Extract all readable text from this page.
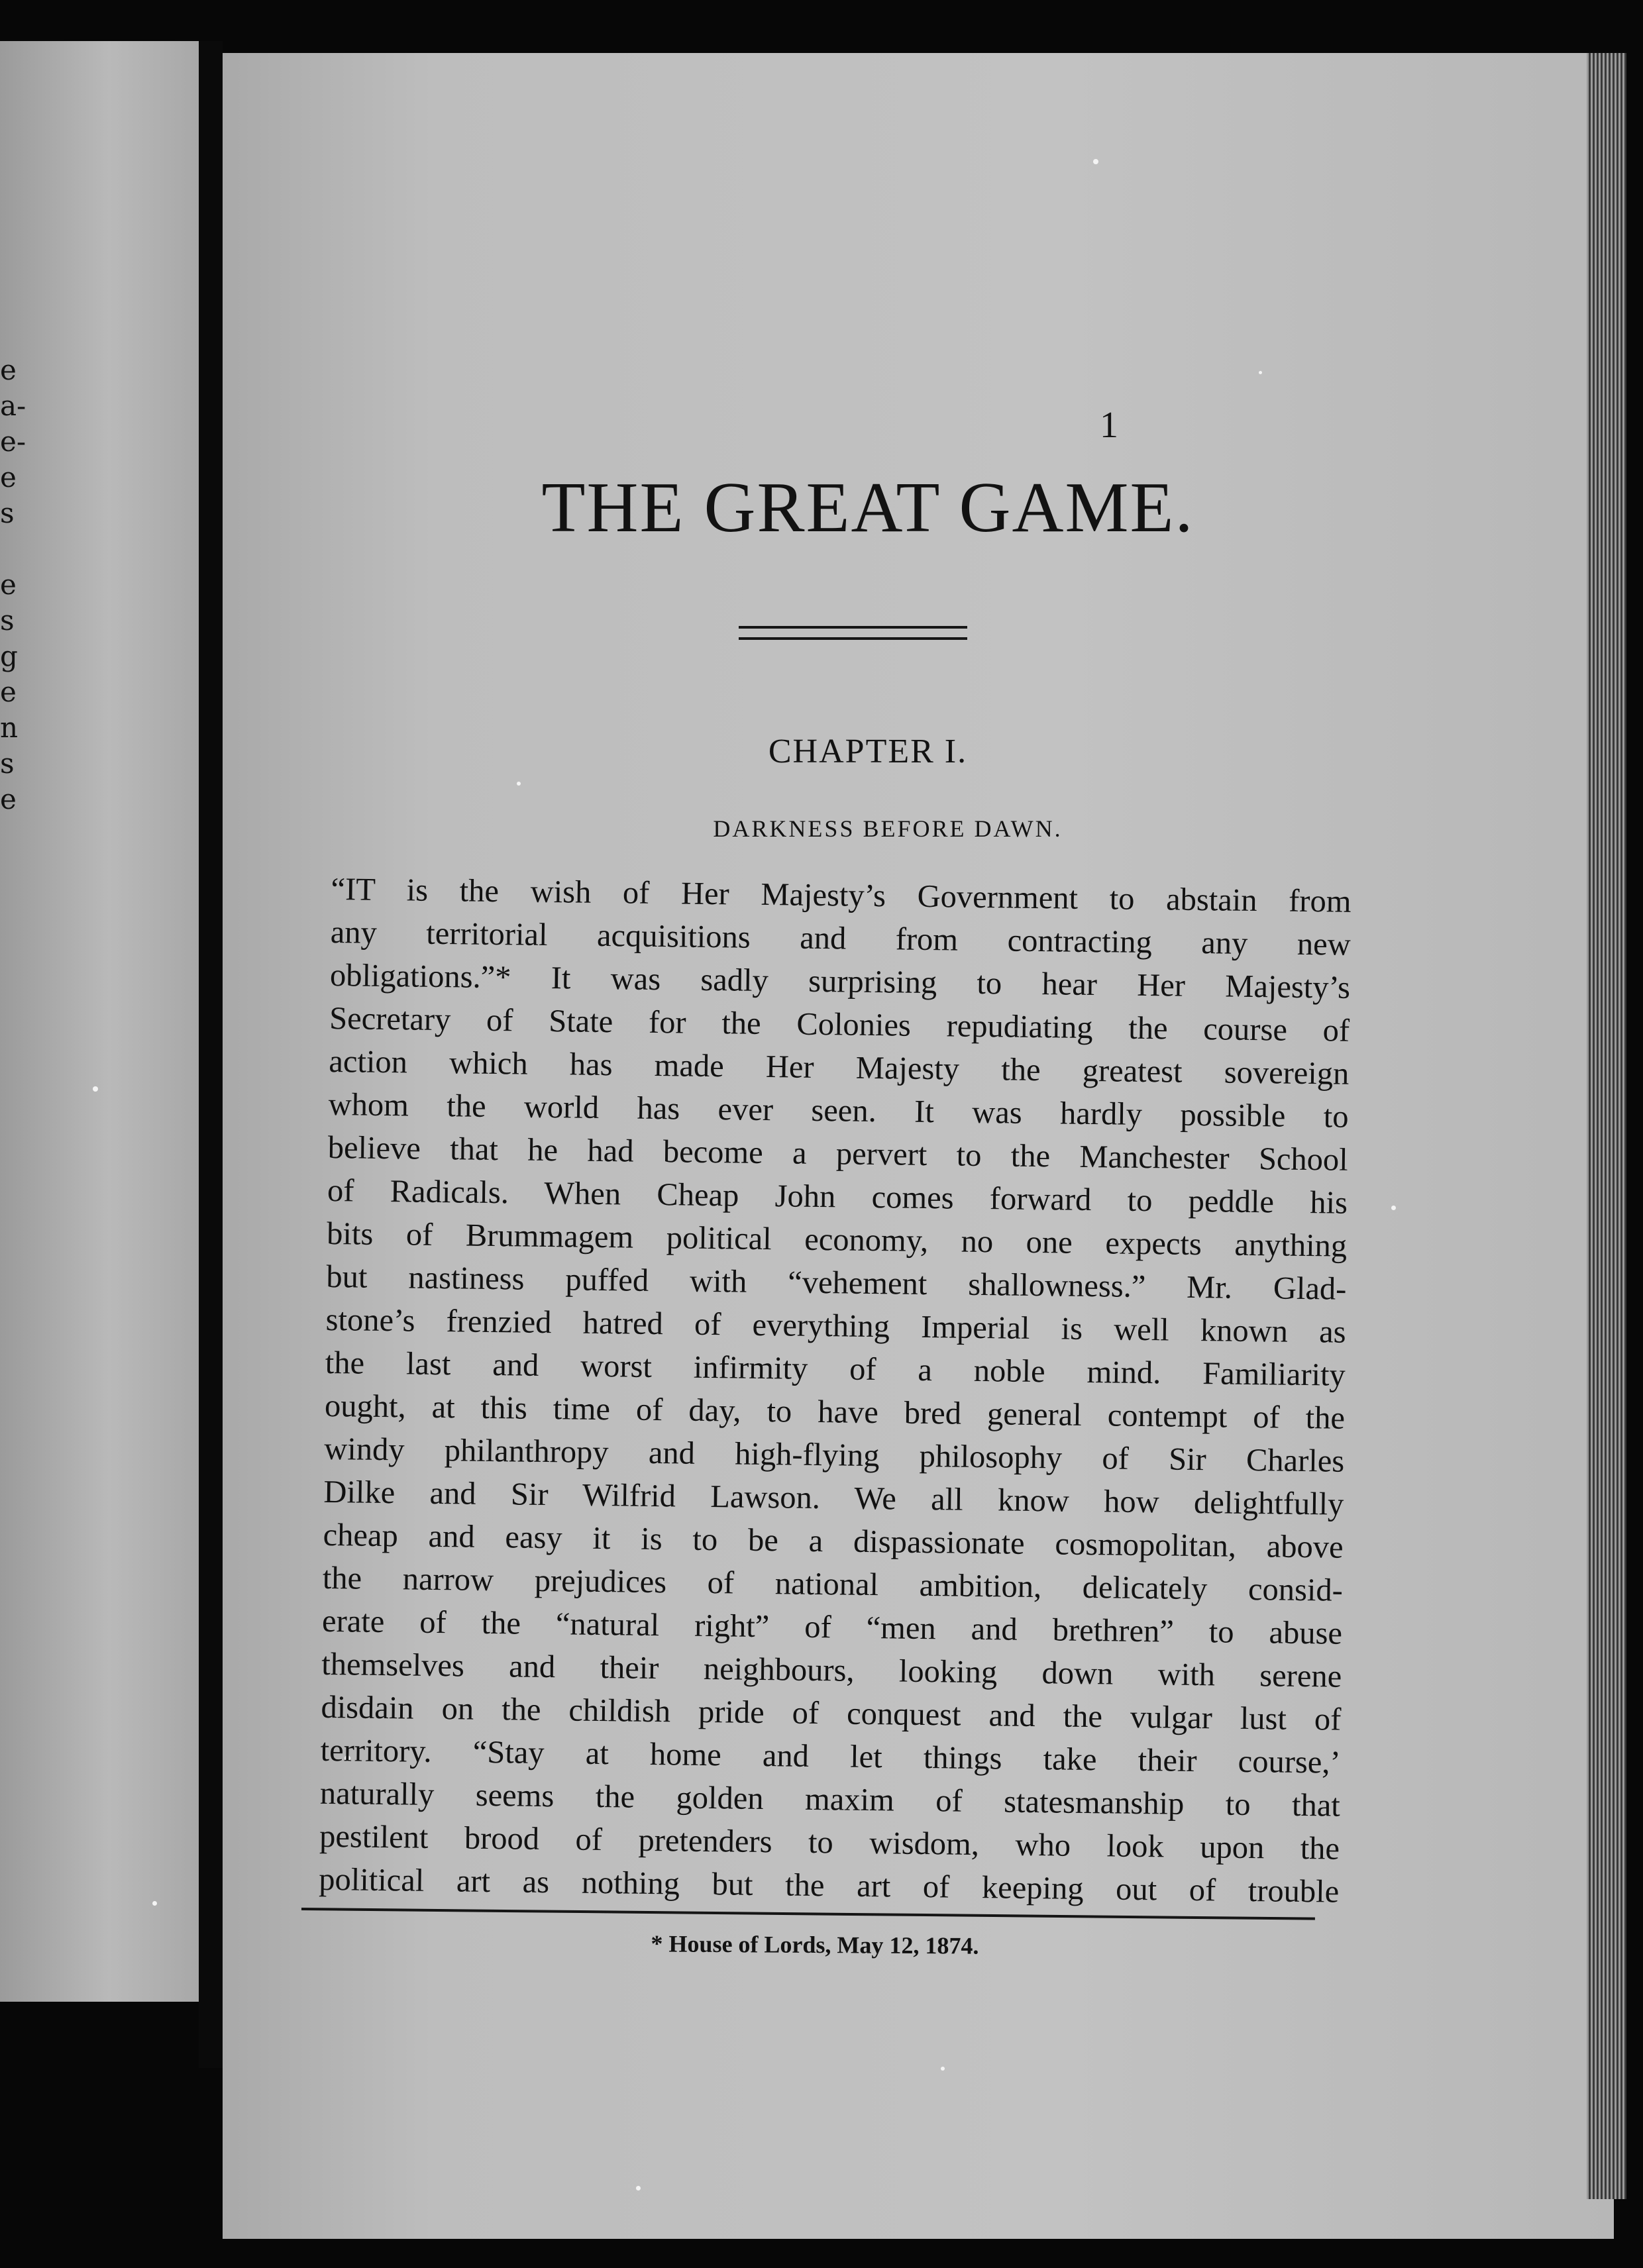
e
a-
e-
e
s

e
s
g
e
n
s
e
1
THE GREAT GAME.
CHAPTER I.
DARKNESS BEFORE DAWN.
“IT is the wish of Her Majesty’s Government to abstain from
any territorial acquisitions and from contracting any new
obligations.”* It was sadly surprising to hear Her Majesty’s
Secretary of State for the Colonies repudiating the course of
action which has made Her Majesty the greatest sovereign
whom the world has ever seen. It was hardly possible to
believe that he had become a pervert to the Manchester School
of Radicals. When Cheap John comes forward to peddle his
bits of Brummagem political economy, no one expects anything
but nastiness puffed with “vehement shallowness.” Mr. Glad-
stone’s frenzied hatred of everything Imperial is well known as
the last and worst infirmity of a noble mind. Familiarity
ought, at this time of day, to have bred general contempt of the
windy philanthropy and high-flying philosophy of Sir Charles
Dilke and Sir Wilfrid Lawson. We all know how delightfully
cheap and easy it is to be a dispassionate cosmopolitan, above
the narrow prejudices of national ambition, delicately consid-
erate of the “natural right” of “men and brethren” to abuse
themselves and their neighbours, looking down with serene
disdain on the childish pride of conquest and the vulgar lust of
territory. “Stay at home and let things take their course,’
naturally seems the golden maxim of statesmanship to that
pestilent brood of pretenders to wisdom, who look upon the
political art as nothing but the art of keeping out of trouble
* House of Lords, May 12, 1874.
